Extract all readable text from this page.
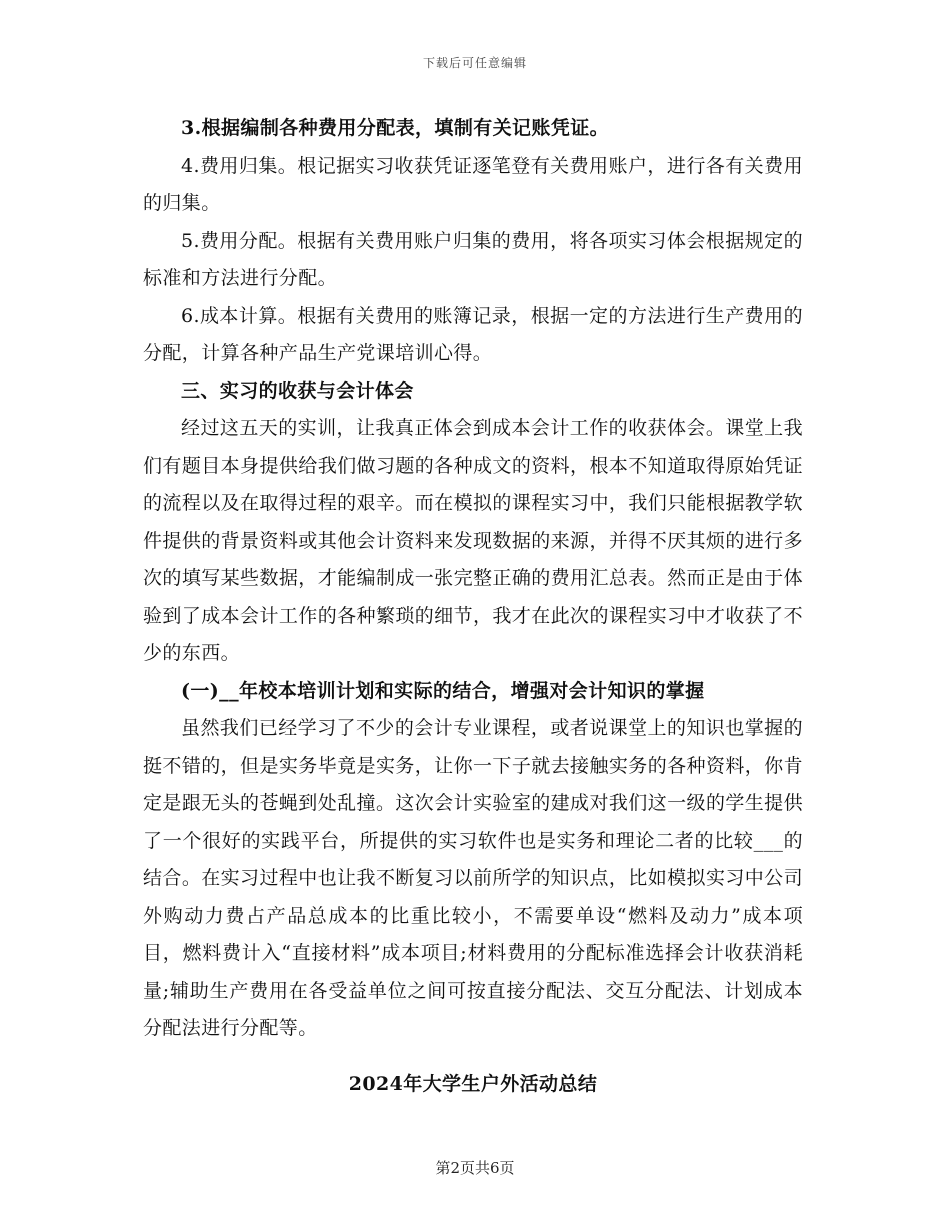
下载后可任意编辑

3.根据编制各种费用分配表，填制有关记账凭证。

4.费用归集。根记据实习收获凭证逐笔登有关费用账户，进行各有关费用的归集。

5.费用分配。根据有关费用账户归集的费用，将各项实习体会根据规定的标准和方法进行分配。

6.成本计算。根据有关费用的账簿记录，根据一定的方法进行生产费用的分配，计算各种产品生产党课培训心得。

三、实习的收获与会计体会

经过这五天的实训，让我真正体会到成本会计工作的收获体会。课堂上我们有题目本身提供给我们做习题的各种成文的资料，根本不知道取得原始凭证的流程以及在取得过程的艰辛。而在模拟的课程实习中，我们只能根据教学软件提供的背景资料或其他会计资料来发现数据的来源，并得不厌其烦的进行多次的填写某些数据，才能编制成一张完整正确的费用汇总表。然而正是由于体验到了成本会计工作的各种繁琐的细节，我才在此次的课程实习中才收获了不少的东西。

(一)__年校本培训计划和实际的结合，增强对会计知识的掌握

虽然我们已经学习了不少的会计专业课程，或者说课堂上的知识也掌握的挺不错的，但是实务毕竟是实务，让你一下子就去接触实务的各种资料，你肯定是跟无头的苍蝇到处乱撞。这次会计实验室的建成对我们这一级的学生提供了一个很好的实践平台，所提供的实习软件也是实务和理论二者的比较___的结合。在实习过程中也让我不断复习以前所学的知识点，比如模拟实习中公司外购动力费占产品总成本的比重比较小，不需要单设“燃料及动力”成本项目，燃料费计入“直接材料”成本项目;材料费用的分配标准选择会计收获消耗量;辅助生产费用在各受益单位之间可按直接分配法、交互分配法、计划成本分配法进行分配等。

2024年大学生户外活动总结

第2页共6页
